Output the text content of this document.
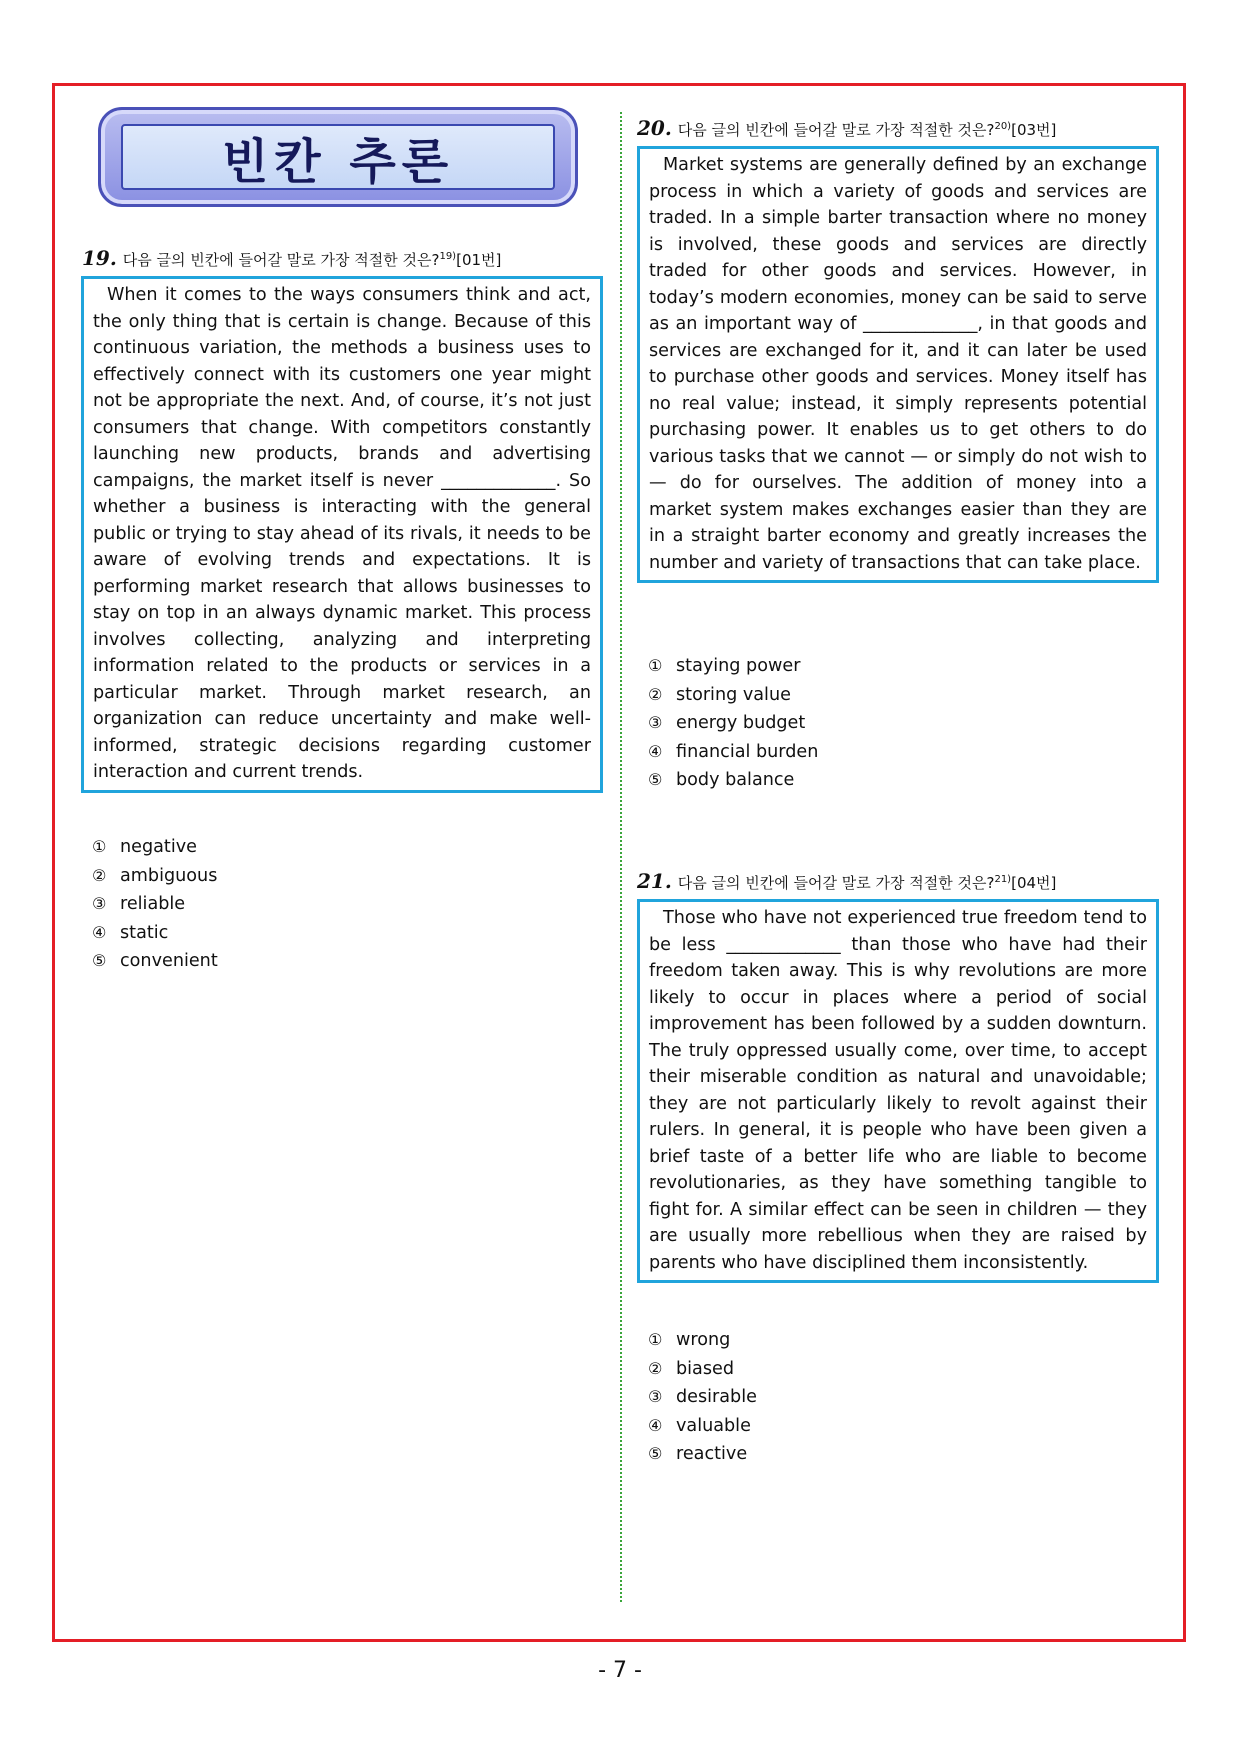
빈칸 추론
19. 다음 글의 빈칸에 들어갈 말로 가장 적절한 것은?$^{19)}$[01번]
When it comes to the ways consumers think and act, the only thing that is certain is change. Because of this continuous variation, the methods a business uses to effectively connect with its customers one year might not be appropriate the next. And, of course, it’s not just consumers that change. With competitors constantly launching new products, brands and advertising campaigns, the market itself is never _____________. So whether a business is interacting with the general public or trying to stay ahead of its rivals, it needs to be aware of evolving trends and expectations. It is performing market research that allows businesses to stay on top in an always dynamic market. This process involves collecting, analyzing and interpreting information related to the products or services in a particular market. Through market research, an organization can reduce uncertainty and make well-informed, strategic decisions regarding customer interaction and current trends.
① negative
② ambiguous
③ reliable
④ static
⑤ convenient
20. 다음 글의 빈칸에 들어갈 말로 가장 적절한 것은?$^{20)}$[03번]
Market systems are generally defined by an exchange process in which a variety of goods and services are traded. In a simple barter transaction where no money is involved, these goods and services are directly traded for other goods and services. However, in today’s modern economies, money can be said to serve as an important way of _____________, in that goods and services are exchanged for it, and it can later be used to purchase other goods and services. Money itself has no real value; instead, it simply represents potential purchasing power. It enables us to get others to do various tasks that we cannot — or simply do not wish to — do for ourselves. The addition of money into a market system makes exchanges easier than they are in a straight barter economy and greatly increases the number and variety of transactions that can take place.
① staying power
② storing value
③ energy budget
④ financial burden
⑤ body balance
21. 다음 글의 빈칸에 들어갈 말로 가장 적절한 것은?$^{21)}$[04번]
Those who have not experienced true freedom tend to be less _____________ than those who have had their freedom taken away. This is why revolutions are more likely to occur in places where a period of social improvement has been followed by a sudden downturn. The truly oppressed usually come, over time, to accept their miserable condition as natural and unavoidable; they are not particularly likely to revolt against their rulers. In general, it is people who have been given a brief taste of a better life who are liable to become revolutionaries, as they have something tangible to fight for. A similar effect can be seen in children — they are usually more rebellious when they are raised by parents who have disciplined them inconsistently.
① wrong
② biased
③ desirable
④ valuable
⑤ reactive
- 7 -
